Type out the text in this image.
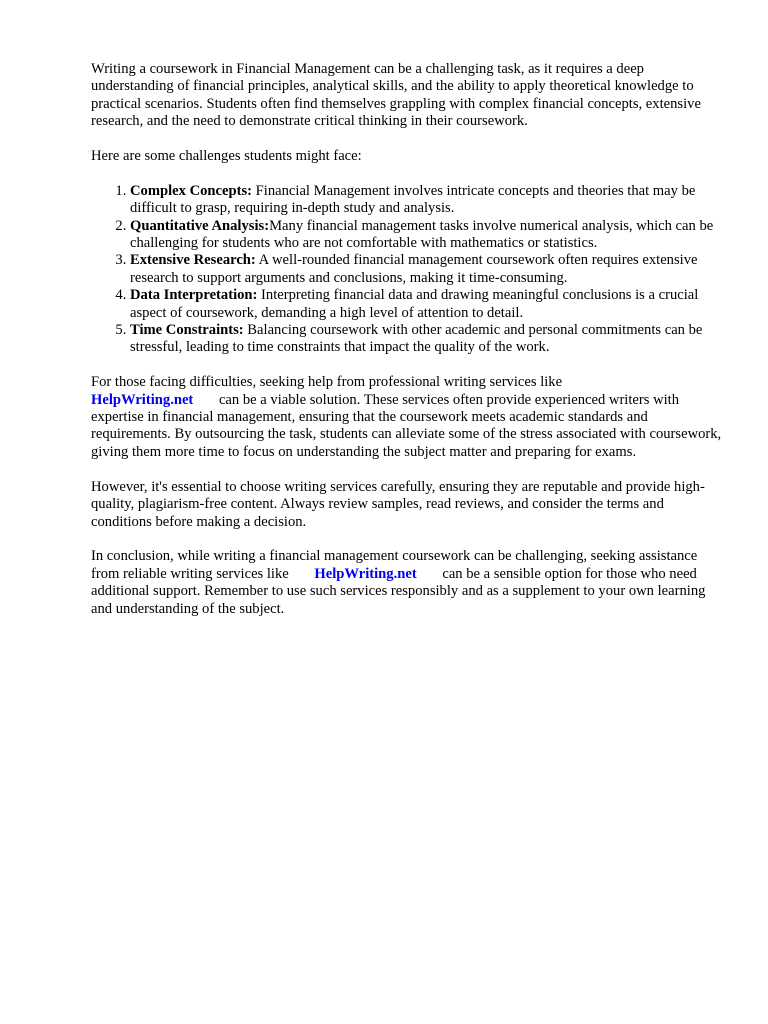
Writing a coursework in Financial Management can be a challenging task, as it requires a deep understanding of financial principles, analytical skills, and the ability to apply theoretical knowledge to practical scenarios. Students often find themselves grappling with complex financial concepts, extensive research, and the need to demonstrate critical thinking in their coursework.

Here are some challenges students might face:

1. Complex Concepts: Financial Management involves intricate concepts and theories that may be difficult to grasp, requiring in-depth study and analysis.
2. Quantitative Analysis:Many financial management tasks involve numerical analysis, which can be challenging for students who are not comfortable with mathematics or statistics.
3. Extensive Research: A well-rounded financial management coursework often requires extensive research to support arguments and conclusions, making it time-consuming.
4. Data Interpretation: Interpreting financial data and drawing meaningful conclusions is a crucial aspect of coursework, demanding a high level of attention to detail.
5. Time Constraints: Balancing coursework with other academic and personal commitments can be stressful, leading to time constraints that impact the quality of the work.

For those facing difficulties, seeking help from professional writing services like
HelpWriting.net can be a viable solution. These services often provide experienced writers with expertise in financial management, ensuring that the coursework meets academic standards and requirements. By outsourcing the task, students can alleviate some of the stress associated with coursework, giving them more time to focus on understanding the subject matter and preparing for exams.

However, it's essential to choose writing services carefully, ensuring they are reputable and provide high-quality, plagiarism-free content. Always review samples, read reviews, and consider the terms and conditions before making a decision.

In conclusion, while writing a financial management coursework can be challenging, seeking assistance from reliable writing services like HelpWriting.net can be a sensible option for those who need additional support. Remember to use such services responsibly and as a supplement to your own learning and understanding of the subject.
